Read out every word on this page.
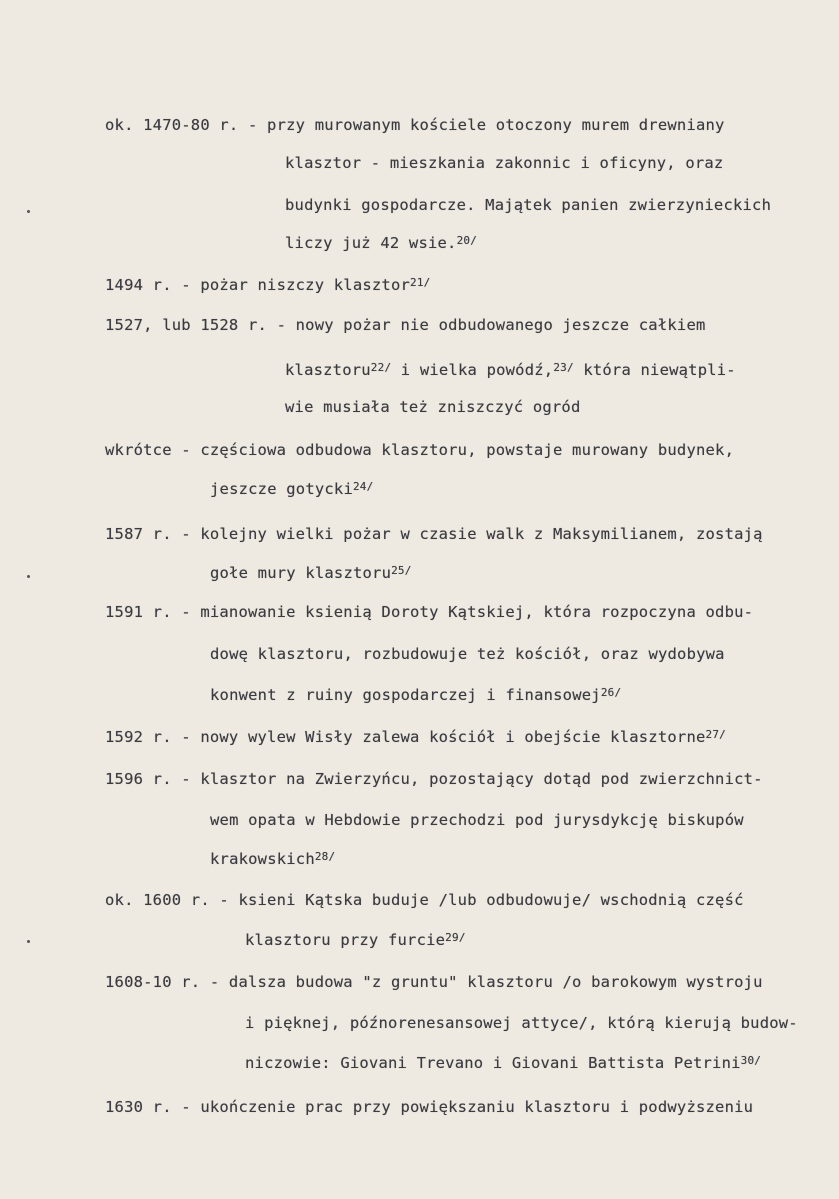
ok. 1470-80 r. - przy murowanym kościele otoczony murem drewniany
klasztor - mieszkania zakonnic i oficyny, oraz
budynki gospodarcze. Majątek panien zwierzynieckich
liczy już 42 wsie.$^{20/}$
1494 r. - pożar niszczy klasztor$^{21/}$
1527, lub 1528 r. - nowy pożar nie odbudowanego jeszcze całkiem
klasztoru$^{22/}$ i wielka powódź,$^{23/}$ która niewątpli-
wie musiała też zniszczyć ogród
wkrótce - częściowa odbudowa klasztoru, powstaje murowany budynek,
jeszcze gotycki$^{24/}$
1587 r. - kolejny wielki pożar w czasie walk z Maksymilianem, zostają
gołe mury klasztoru$^{25/}$
1591 r. - mianowanie ksienią Doroty Kątskiej, która rozpoczyna odbu-
dowę klasztoru, rozbudowuje też kościół, oraz wydobywa
konwent z ruiny gospodarczej i finansowej$^{26/}$
1592 r. - nowy wylew Wisły zalewa kościół i obejście klasztorne$^{27/}$
1596 r. - klasztor na Zwierzyńcu, pozostający dotąd pod zwierzchnict-
wem opata w Hebdowie przechodzi pod jurysdykcję biskupów
krakowskich$^{28/}$
ok. 1600 r. - ksieni Kątska buduje /lub odbudowuje/ wschodnią część
klasztoru przy furcie$^{29/}$
1608-10 r. - dalsza budowa "z gruntu" klasztoru /o barokowym wystroju
i pięknej, późnorenesansowej attyce/, którą kierują budow-
niczowie: Giovani Trevano i Giovani Battista Petrini$^{30/}$
1630 r. - ukończenie prac przy powiększaniu klasztoru i podwyższeniu
